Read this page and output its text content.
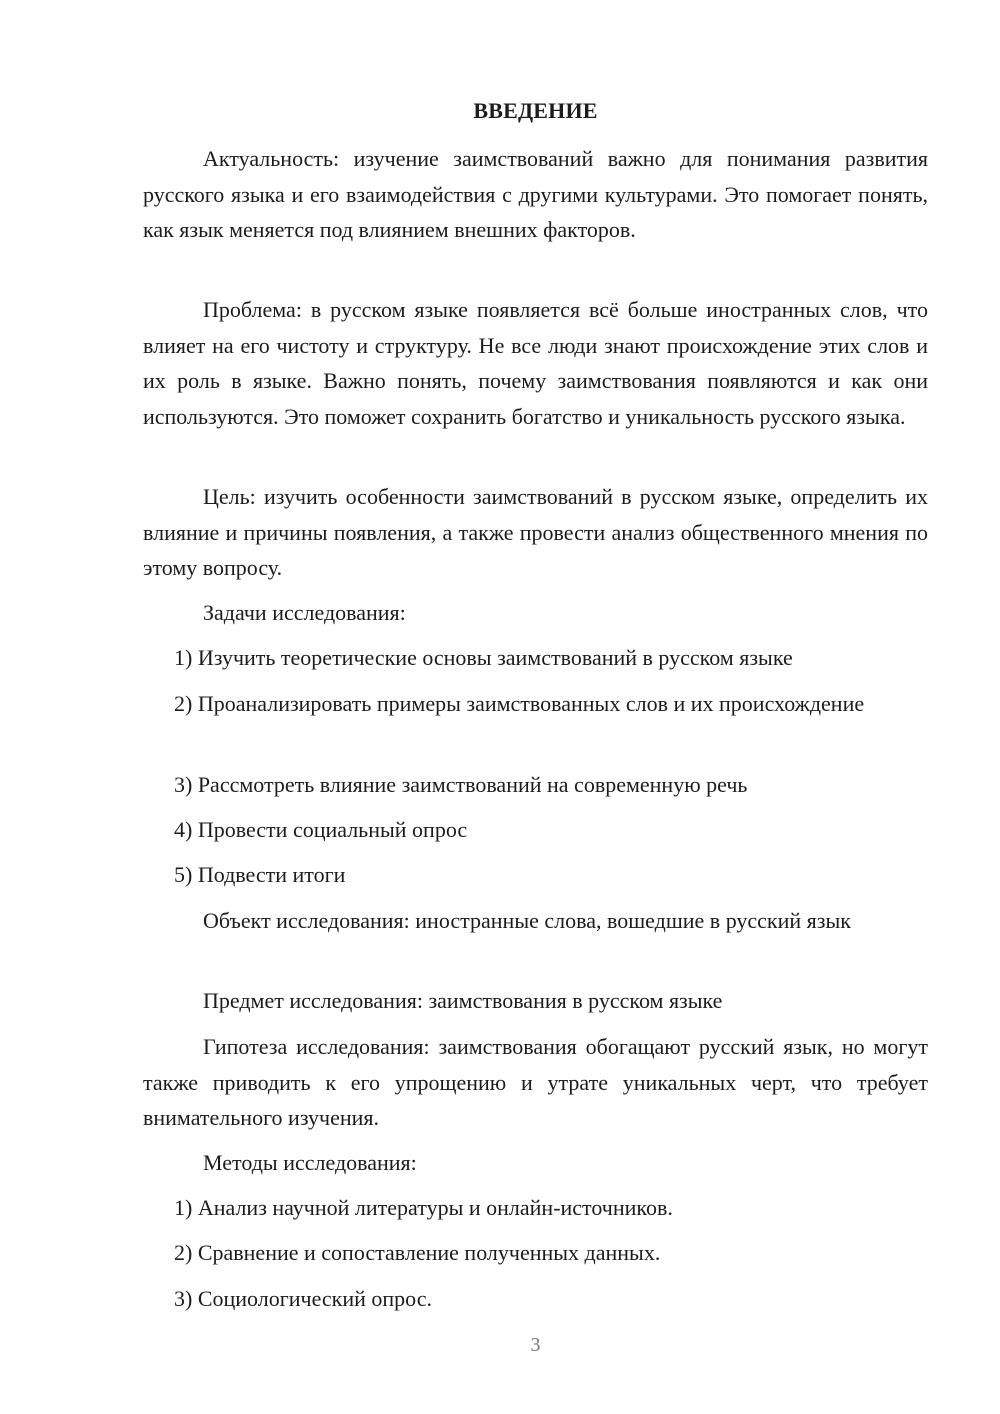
ВВЕДЕНИЕ
Актуальность: изучение заимствований важно для понимания развития русского языка и его взаимодействия с другими культурами. Это помогает понять, как язык меняется под влиянием внешних факторов.
Проблема: в русском языке появляется всё больше иностранных слов, что влияет на его чистоту и структуру. Не все люди знают происхождение этих слов и их роль в языке. Важно понять, почему заимствования появляются и как они используются. Это поможет сохранить богатство и уникальность русского языка.
Цель: изучить особенности заимствований в русском языке, определить их влияние и причины появления, а также провести анализ общественного мнения по этому вопросу.
Задачи исследования:
1) Изучить теоретические основы заимствований в русском языке
2) Проанализировать примеры заимствованных слов и их происхождение
3) Рассмотреть влияние заимствований на современную речь
4) Провести социальный опрос
5) Подвести итоги
Объект исследования: иностранные слова, вошедшие в русский язык
Предмет исследования: заимствования в русском языке
Гипотеза исследования: заимствования обогащают русский язык, но могут также приводить к его упрощению и утрате уникальных черт, что требует внимательного изучения.
Методы исследования:
1) Анализ научной литературы и онлайн-источников.
2) Сравнение и сопоставление полученных данных.
3) Социологический опрос.
3
